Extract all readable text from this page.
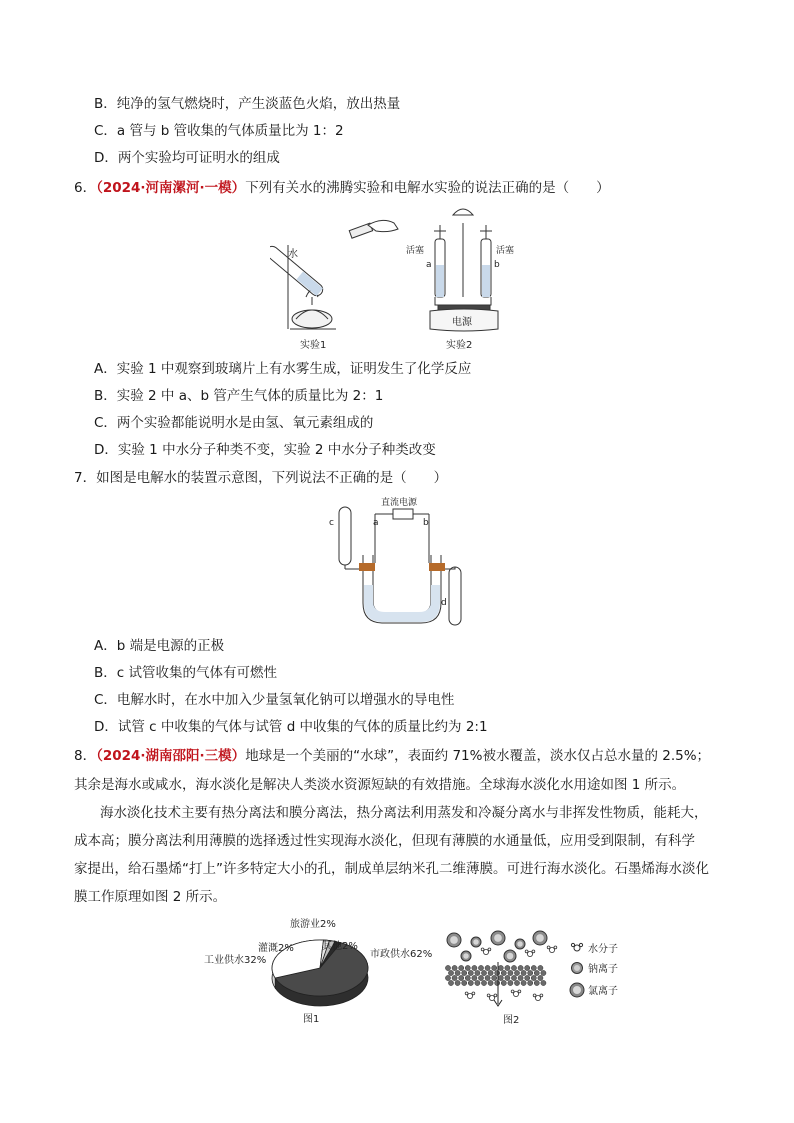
B．纯净的氢气燃烧时，产生淡蓝色火焰，放出热量
C．a 管与 b 管收集的气体质量比为 1：2
D．两个实验均可证明水的组成
6．（2024·河南漯河·一模）下列有关水的沸腾实验和电解水实验的说法正确的是（　　）
水
实验1
活塞	活塞
a	b
电源
实验2
A．实验 1 中观察到玻璃片上有水雾生成，证明发生了化学反应
B．实验 2 中 a、b 管产生气体的质量比为 2：1
C．两个实验都能说明水是由氢、氧元素组成的
D．实验 1 中水分子种类不变，实验 2 中水分子种类改变
7．如图是电解水的装置示意图，下列说法不正确的是（　　）
直流电源
a	b
c
d
A．b 端是电源的正极
B．c 试管收集的气体有可燃性
C．电解水时，在水中加入少量氢氧化钠可以增强水的导电性
D．试管 c 中收集的气体与试管 d 中收集的气体的质量比约为 2:1
8．（2024·湖南邵阳·三模）地球是一个美丽的“水球”，表面约 71%被水覆盖，淡水仅占总水量的 2.5%；
其余是海水或咸水，海水淡化是解决人类淡水资源短缺的有效措施。全球海水淡化水用途如图 1 所示。
海水淡化技术主要有热分离法和膜分离法，热分离法利用蒸发和冷凝分离水与非挥发性物质，能耗大，
成本高；膜分离法利用薄膜的选择透过性实现海水淡化，但现有薄膜的水通量低，应用受到限制，有科学
家提出，给石墨烯“打上”许多特定大小的孔，制成单层纳米孔二维薄膜。可进行海水淡化。石墨烯海水淡化
膜工作原理如图 2 所示。
市政供水62%
工业供水32%
灌溉2%
旅游业2%
其他2%
图1
水分子
钠离子
氯离子
图2
